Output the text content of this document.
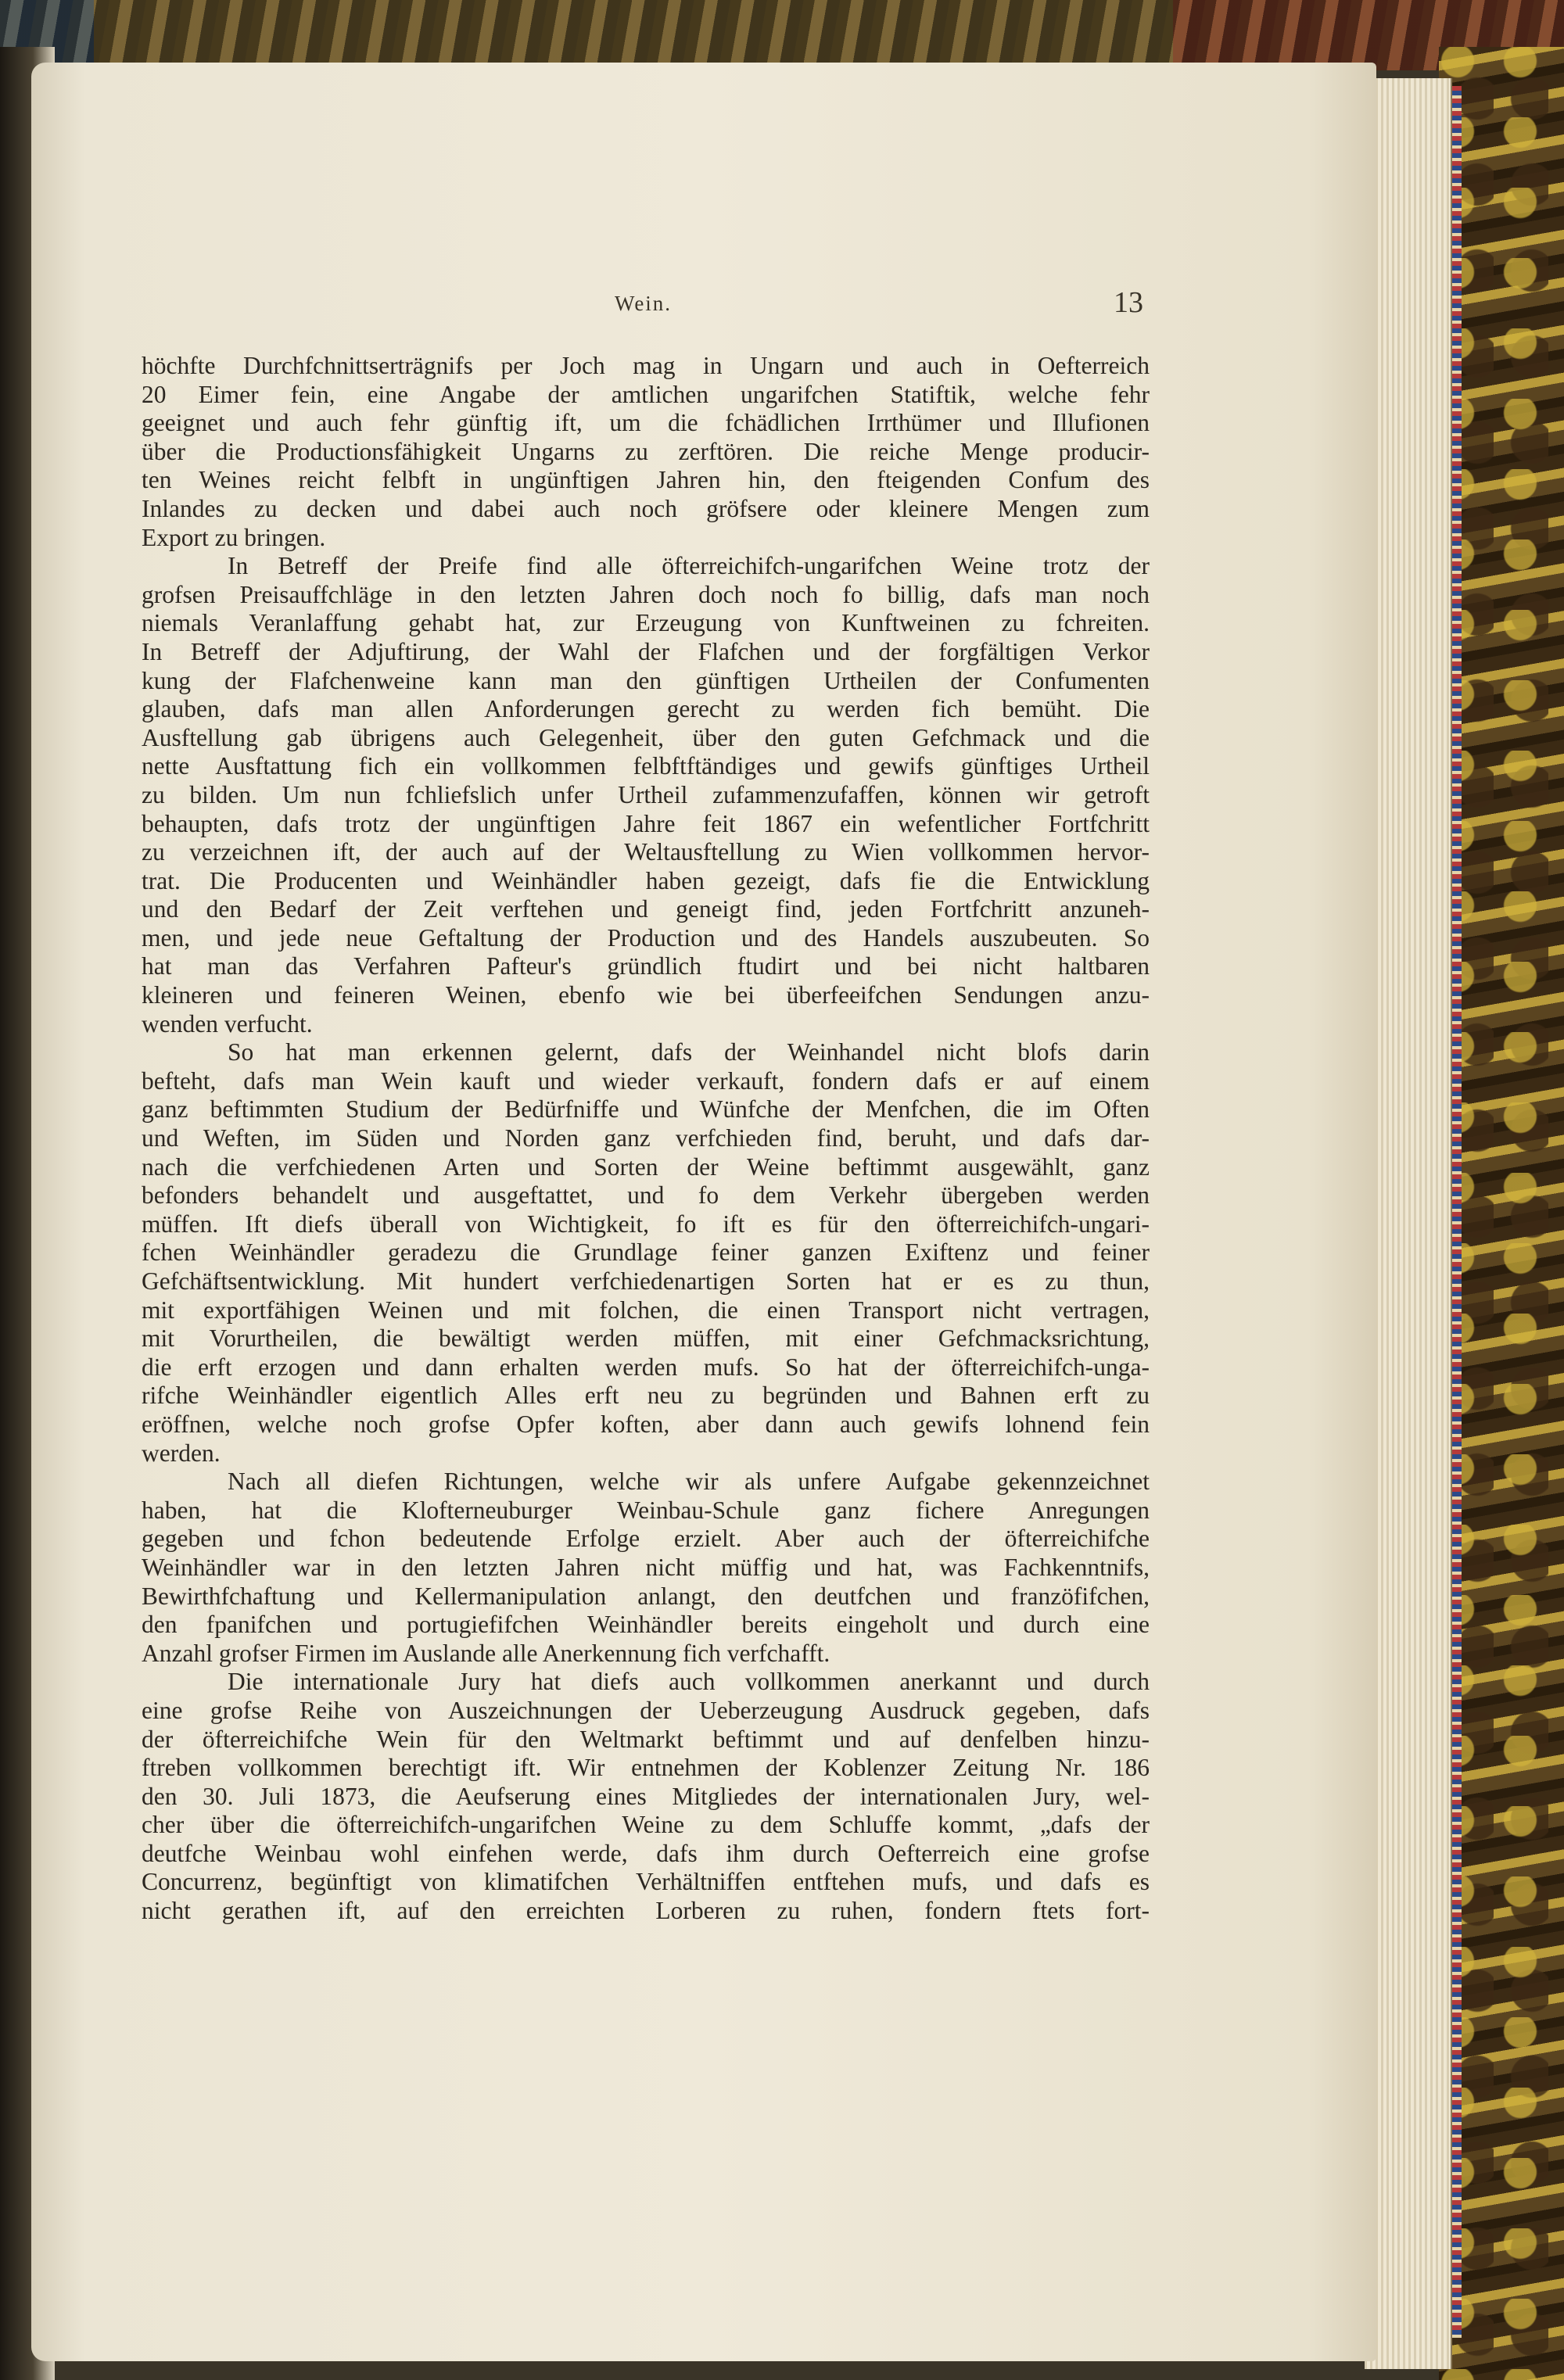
Wein.	13
höchfte Durchfchnittserträgnifs per Joch mag in Ungarn und auch in Oefterreich
20 Eimer fein, eine Angabe der amtlichen ungarifchen Statiftik, welche fehr
geeignet und auch fehr günftig ift, um die fchädlichen Irrthümer und Illufionen
über die Productionsfähigkeit Ungarns zu zerftören. Die reiche Menge producir-
ten Weines reicht felbft in ungünftigen Jahren hin, den fteigenden Confum des
Inlandes zu decken und dabei auch noch gröfsere oder kleinere Mengen zum
Export zu bringen.
In Betreff der Preife find alle öfterreichifch-ungarifchen Weine trotz der
grofsen Preisauffchläge in den letzten Jahren doch noch fo billig, dafs man noch
niemals Veranlaffung gehabt hat, zur Erzeugung von Kunftweinen zu fchreiten.
In Betreff der Adjuftirung, der Wahl der Flafchen und der forgfältigen Verkor
kung der Flafchenweine kann man den günftigen Urtheilen der Confumenten
glauben, dafs man allen Anforderungen gerecht zu werden fich bemüht. Die
Ausftellung gab übrigens auch Gelegenheit, über den guten Gefchmack und die
nette Ausftattung fich ein vollkommen felbftftändiges und gewifs günftiges Urtheil
zu bilden. Um nun fchliefslich unfer Urtheil zufammenzufaffen, können wir getroft
behaupten, dafs trotz der ungünftigen Jahre feit 1867 ein wefentlicher Fortfchritt
zu verzeichnen ift, der auch auf der Weltausftellung zu Wien vollkommen hervor-
trat. Die Producenten und Weinhändler haben gezeigt, dafs fie die Entwicklung
und den Bedarf der Zeit verftehen und geneigt find, jeden Fortfchritt anzuneh-
men, und jede neue Geftaltung der Production und des Handels auszubeuten. So
hat man das Verfahren Pafteur's gründlich ftudirt und bei nicht haltbaren
kleineren und feineren Weinen, ebenfo wie bei überfeeifchen Sendungen anzu-
wenden verfucht.
So hat man erkennen gelernt, dafs der Weinhandel nicht blofs darin
befteht, dafs man Wein kauft und wieder verkauft, fondern dafs er auf einem
ganz beftimmten Studium der Bedürfniffe und Wünfche der Menfchen, die im Often
und Weften, im Süden und Norden ganz verfchieden find, beruht, und dafs dar-
nach die verfchiedenen Arten und Sorten der Weine beftimmt ausgewählt, ganz
befonders behandelt und ausgeftattet, und fo dem Verkehr übergeben werden
müffen. Ift diefs überall von Wichtigkeit, fo ift es für den öfterreichifch-ungari-
fchen Weinhändler geradezu die Grundlage feiner ganzen Exiftenz und feiner
Gefchäftsentwicklung. Mit hundert verfchiedenartigen Sorten hat er es zu thun,
mit exportfähigen Weinen und mit folchen, die einen Transport nicht vertragen,
mit Vorurtheilen, die bewältigt werden müffen, mit einer Gefchmacksrichtung,
die erft erzogen und dann erhalten werden mufs. So hat der öfterreichifch-unga-
rifche Weinhändler eigentlich Alles erft neu zu begründen und Bahnen erft zu
eröffnen, welche noch grofse Opfer koften, aber dann auch gewifs lohnend fein
werden.
Nach all diefen Richtungen, welche wir als unfere Aufgabe gekennzeichnet
haben, hat die Klofterneuburger Weinbau-Schule ganz fichere Anregungen
gegeben und fchon bedeutende Erfolge erzielt. Aber auch der öfterreichifche
Weinhändler war in den letzten Jahren nicht müffig und hat, was Fachkenntnifs,
Bewirthfchaftung und Kellermanipulation anlangt, den deutfchen und franzöfifchen,
den fpanifchen und portugiefifchen Weinhändler bereits eingeholt und durch eine
Anzahl grofser Firmen im Auslande alle Anerkennung fich verfchafft.
Die internationale Jury hat diefs auch vollkommen anerkannt und durch
eine grofse Reihe von Auszeichnungen der Ueberzeugung Ausdruck gegeben, dafs
der öfterreichifche Wein für den Weltmarkt beftimmt und auf denfelben hinzu-
ftreben vollkommen berechtigt ift. Wir entnehmen der Koblenzer Zeitung Nr. 186
den 30. Juli 1873, die Aeufserung eines Mitgliedes der internationalen Jury, wel-
cher über die öfterreichifch-ungarifchen Weine zu dem Schluffe kommt, „dafs der
deutfche Weinbau wohl einfehen werde, dafs ihm durch Oefterreich eine grofse
Concurrenz, begünftigt von klimatifchen Verhältniffen entftehen mufs, und dafs es
nicht gerathen ift, auf den erreichten Lorberen zu ruhen, fondern ftets fort-
